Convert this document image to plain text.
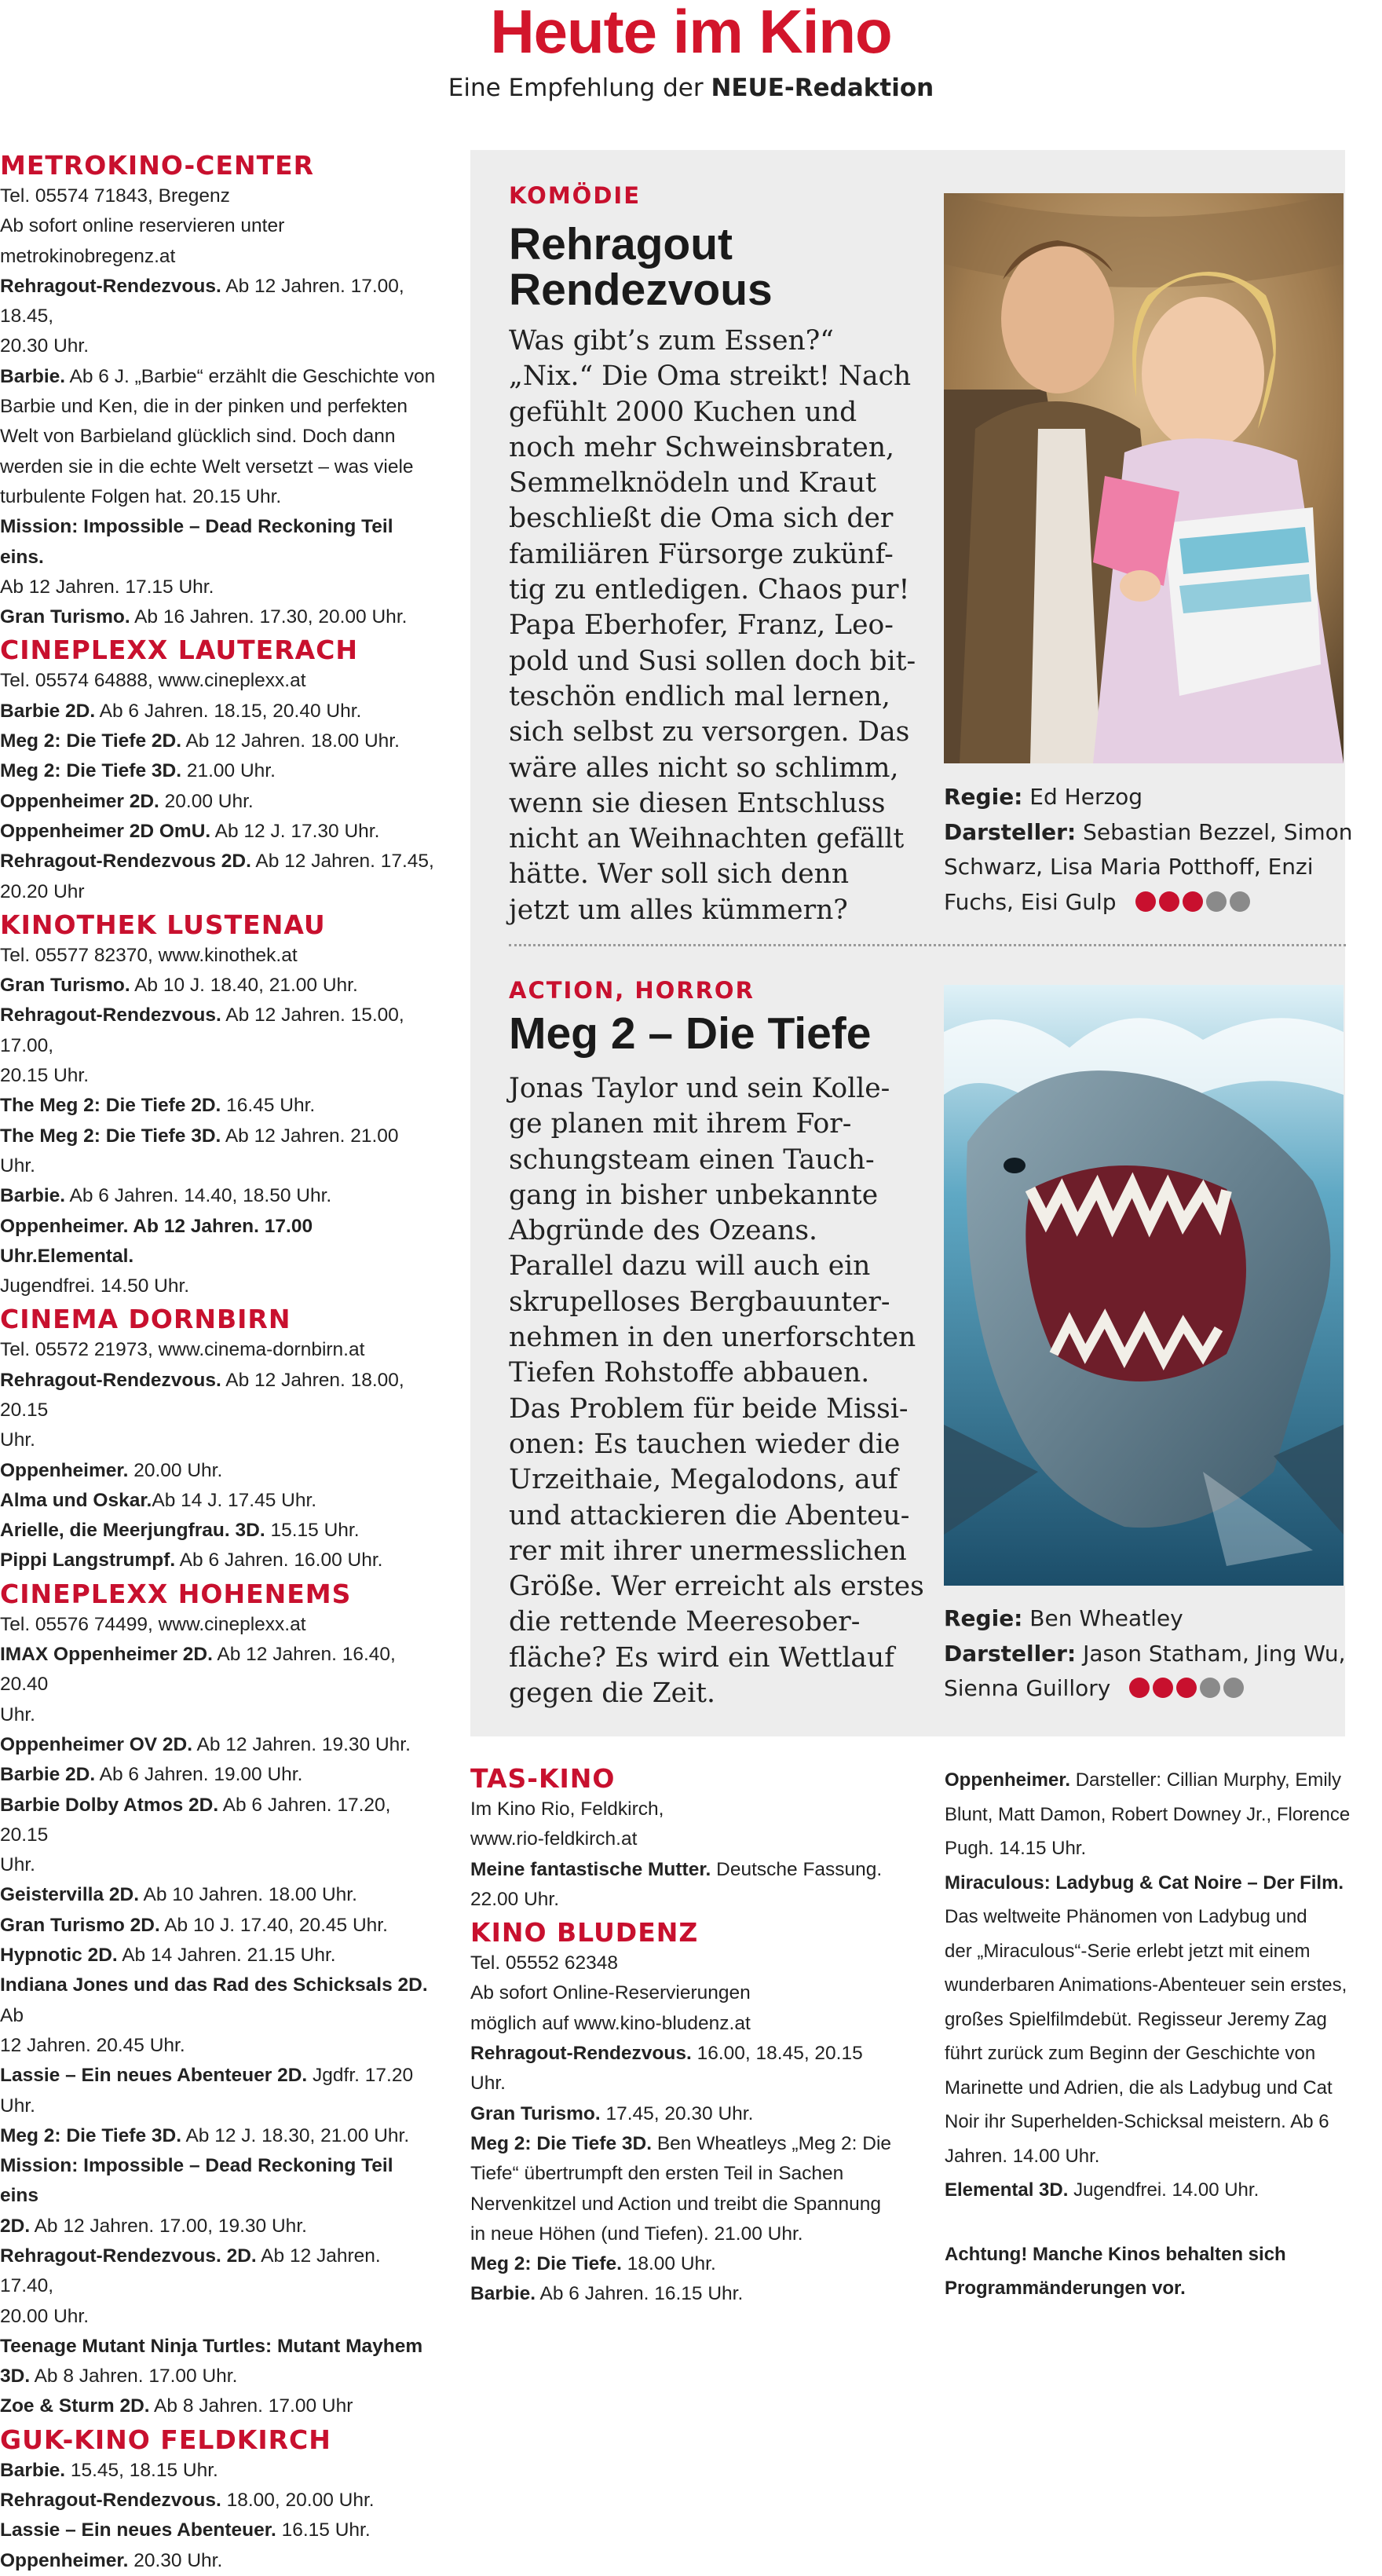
Heute im Kino
Eine Empfehlung der NEUE-Redaktion
METROKINO-CENTER
Tel. 05574 71843, Bregenz
Ab sofort online reservieren unter
metrokinobregenz.at
Rehragout-Rendezvous. Ab 12 Jahren. 17.00, 18.45,
20.30 Uhr.
Barbie. Ab 6 J. „Barbie“ erzählt die Geschichte von
Barbie und Ken, die in der pinken und perfekten
Welt von Barbieland glücklich sind. Doch dann
werden sie in die echte Welt versetzt – was viele
turbulente Folgen hat. 20.15 Uhr.
Mission: Impossible – Dead Reckoning Teil eins.
Ab 12 Jahren. 17.15 Uhr.
Gran Turismo. Ab 16 Jahren. 17.30, 20.00 Uhr.
CINEPLEXX LAUTERACH
Tel. 05574 64888, www.cineplexx.at
Barbie 2D. Ab 6 Jahren. 18.15, 20.40 Uhr.
Meg 2: Die Tiefe 2D. Ab 12 Jahren. 18.00 Uhr.
Meg 2: Die Tiefe 3D. 21.00 Uhr.
Oppenheimer 2D. 20.00 Uhr.
Oppenheimer 2D OmU. Ab 12 J. 17.30 Uhr.
Rehragout-Rendezvous 2D. Ab 12 Jahren. 17.45,
20.20 Uhr
KINOTHEK LUSTENAU
Tel. 05577 82370, www.kinothek.at
Gran Turismo. Ab 10 J. 18.40, 21.00 Uhr.
Rehragout-Rendezvous. Ab 12 Jahren. 15.00, 17.00,
20.15 Uhr.
The Meg 2: Die Tiefe 2D. 16.45 Uhr.
The Meg 2: Die Tiefe 3D. Ab 12 Jahren. 21.00 Uhr.
Barbie. Ab 6 Jahren. 14.40, 18.50 Uhr.
Oppenheimer. Ab 12 Jahren. 17.00 Uhr.Elemental.
Jugendfrei. 14.50 Uhr.
CINEMA DORNBIRN
Tel. 05572 21973, www.cinema-dornbirn.at
Rehragout-Rendezvous. Ab 12 Jahren. 18.00, 20.15
Uhr.
Oppenheimer. 20.00 Uhr.
Alma und Oskar.Ab 14 J. 17.45 Uhr.
Arielle, die Meerjungfrau. 3D. 15.15 Uhr.
Pippi Langstrumpf. Ab 6 Jahren. 16.00 Uhr.
CINEPLEXX HOHENEMS
Tel. 05576 74499, www.cineplexx.at
IMAX Oppenheimer 2D. Ab 12 Jahren. 16.40, 20.40
Uhr.
Oppenheimer OV 2D. Ab 12 Jahren. 19.30 Uhr.
Barbie 2D. Ab 6 Jahren. 19.00 Uhr.
Barbie Dolby Atmos 2D. Ab 6 Jahren. 17.20, 20.15
Uhr.
Geistervilla 2D. Ab 10 Jahren. 18.00 Uhr.
Gran Turismo 2D. Ab 10 J. 17.40, 20.45 Uhr.
Hypnotic 2D. Ab 14 Jahren. 21.15 Uhr.
Indiana Jones und das Rad des Schicksals 2D. Ab
12 Jahren. 20.45 Uhr.
Lassie – Ein neues Abenteuer 2D. Jgdfr. 17.20 Uhr.
Meg 2: Die Tiefe 3D. Ab 12 J. 18.30, 21.00 Uhr.
Mission: Impossible – Dead Reckoning Teil eins
2D. Ab 12 Jahren. 17.00, 19.30 Uhr.
Rehragout-Rendezvous. 2D. Ab 12 Jahren. 17.40,
20.00 Uhr.
Teenage Mutant Ninja Turtles: Mutant Mayhem
3D. Ab 8 Jahren. 17.00 Uhr.
Zoe & Sturm 2D. Ab 8 Jahren. 17.00 Uhr
GUK-KINO FELDKIRCH
Barbie. 15.45, 18.15 Uhr.
Rehragout-Rendezvous. 18.00, 20.00 Uhr.
Lassie – Ein neues Abenteuer. 16.15 Uhr.
Oppenheimer. 20.30 Uhr.
KOMÖDIE
Rehragout
Rendezvous
Was gibt’s zum Essen?“
„Nix.“ Die Oma streikt! Nach
gefühlt 2000 Kuchen und
noch mehr Schweinsbraten,
Semmelknödeln und Kraut
beschließt die Oma sich der
familiären Fürsorge zukünf-
tig zu entledigen. Chaos pur!
Papa Eberhofer, Franz, Leo-
pold und Susi sollen doch bit-
teschön endlich mal lernen,
sich selbst zu versorgen. Das
wäre alles nicht so schlimm,
wenn sie diesen Entschluss
nicht an Weihnachten gefällt
hätte. Wer soll sich denn
jetzt um alles kümmern?
Regie: Ed Herzog
Darsteller: Sebastian Bezzel, Simon
Schwarz, Lisa Maria Potthoff, Enzi
Fuchs, Eisi Gulp
ACTION, HORROR
Meg 2 – Die Tiefe
Jonas Taylor und sein Kolle-
ge planen mit ihrem For-
schungsteam einen Tauch-
gang in bisher unbekannte
Abgründe des Ozeans.
Parallel dazu will auch ein
skrupelloses Bergbauunter-
nehmen in den unerforschten
Tiefen Rohstoffe abbauen.
Das Problem für beide Missi-
onen: Es tauchen wieder die
Urzeithaie, Megalodons, auf
und attackieren die Abenteu-
rer mit ihrer unermesslichen
Größe. Wer erreicht als erstes
die rettende Meeresober-
fläche? Es wird ein Wettlauf
gegen die Zeit.
Regie: Ben Wheatley
Darsteller: Jason Statham, Jing Wu,
Sienna Guillory
TAS-KINO
Im Kino Rio, Feldkirch,
www.rio-feldkirch.at
Meine fantastische Mutter. Deutsche Fassung.
22.00 Uhr.
KINO BLUDENZ
Tel. 05552 62348
Ab sofort Online-Reservierungen
möglich auf www.kino-bludenz.at
Rehragout-Rendezvous. 16.00, 18.45, 20.15 Uhr.
Gran Turismo. 17.45, 20.30 Uhr.
Meg 2: Die Tiefe 3D. Ben Wheatleys „Meg 2: Die
Tiefe“ übertrumpft den ersten Teil in Sachen
Nervenkitzel und Action und treibt die Spannung
in neue Höhen (und Tiefen). 21.00 Uhr.
Meg 2: Die Tiefe. 18.00 Uhr.
Barbie. Ab 6 Jahren. 16.15 Uhr.
Oppenheimer. Darsteller: Cillian Murphy, Emily
Blunt, Matt Damon, Robert Downey Jr., Florence
Pugh. 14.15 Uhr.
Miraculous: Ladybug & Cat Noire – Der Film.
Das weltweite Phänomen von Ladybug und
der „Miraculous“-Serie erlebt jetzt mit einem
wunderbaren Animations-Abenteuer sein erstes,
großes Spielfilmdebüt. Regisseur Jeremy Zag
führt zurück zum Beginn der Geschichte von
Marinette und Adrien, die als Ladybug und Cat
Noir ihr Superhelden-Schicksal meistern. Ab 6
Jahren. 14.00 Uhr.
Elemental 3D. Jugendfrei. 14.00 Uhr.
Achtung! Manche Kinos behalten sich
Programmänderungen vor.
